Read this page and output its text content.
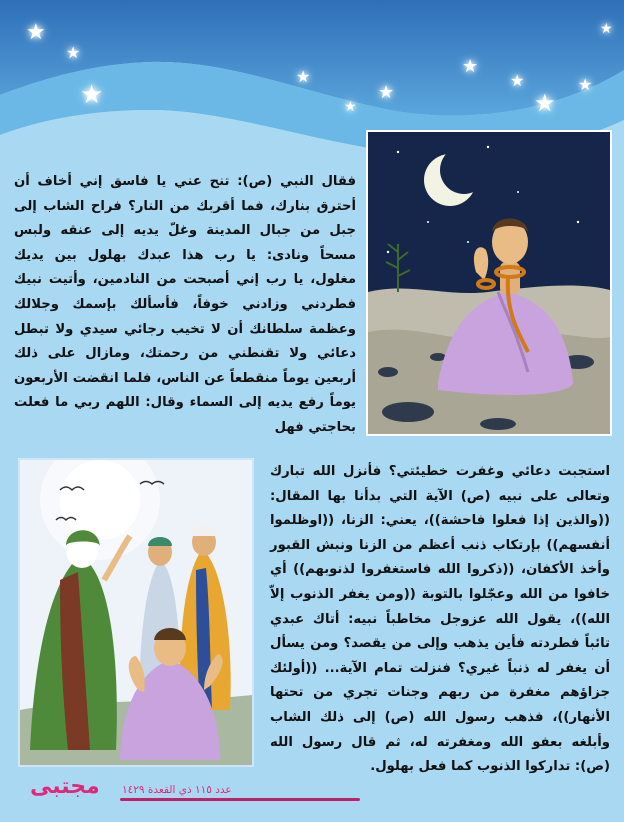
★
★
★
★
★
★
★
★
★
★
★

فقال النبي (ص): تنح عني يا فاسق إني أخاف أن أحترق بنارك، فما أقربك من النار؟ فراح الشاب إلى جبل من جبال المدينة وغلّ يديه إلى عنقه ولبس مسحاً ونادى: يا رب هذا عبدك بهلول بين يديك مغلول، يا رب إني أصبحت من النادمين، وأتيت نبيك فطردني وزادني خوفاً، فأسألك بإسمك وجلالك وعظمة سلطانك أن لا تخيب رجائي سيدي ولا تبطل دعائي ولا تقنطني من رحمتك، ومازال على ذلك أربعين يوماً منقطعاً عن الناس، فلما انقضت الأربعون يوماً رفع يديه إلى السماء وقال: اللهم ربي ما فعلت بحاجتي فهل

استجبت دعائي وغفرت خطيئتي؟ فأنزل الله تبارك وتعالى على نبيه (ص) الآية التي بدأنا بها المقال: ((والذين إذا فعلوا فاحشة))، يعني: الزنا، ((اوظلموا أنفسهم)) بإرتكاب ذنب أعظم من الزنا ونبش القبور وأخذ الأكفان، ((ذكروا الله فاستغفروا لذنوبهم)) أي خافوا من الله وعجّلوا بالتوبة ((ومن يغفر الذنوب إلاّ الله))، يقول الله عزوجل مخاطباً نبيه: أتاك عبدي تائباً فطردته فأين يذهب وإلى من يقصد؟ ومن يسأل أن يغفر له ذنباً غيري؟ فنزلت تمام الآية... ((أولئك جزاؤهم مغفرة من ربهم وجنات تجري من تحتها الأنهار))، فذهب رسول الله (ص) إلى ذلك الشاب وأبلغه بعفو الله ومغفرته له، ثم قال رسول الله (ص): تداركوا الذنوب كما فعل بهلول.

مجتبى عدد ١١٥ ذي القعدة ١٤٢٩
